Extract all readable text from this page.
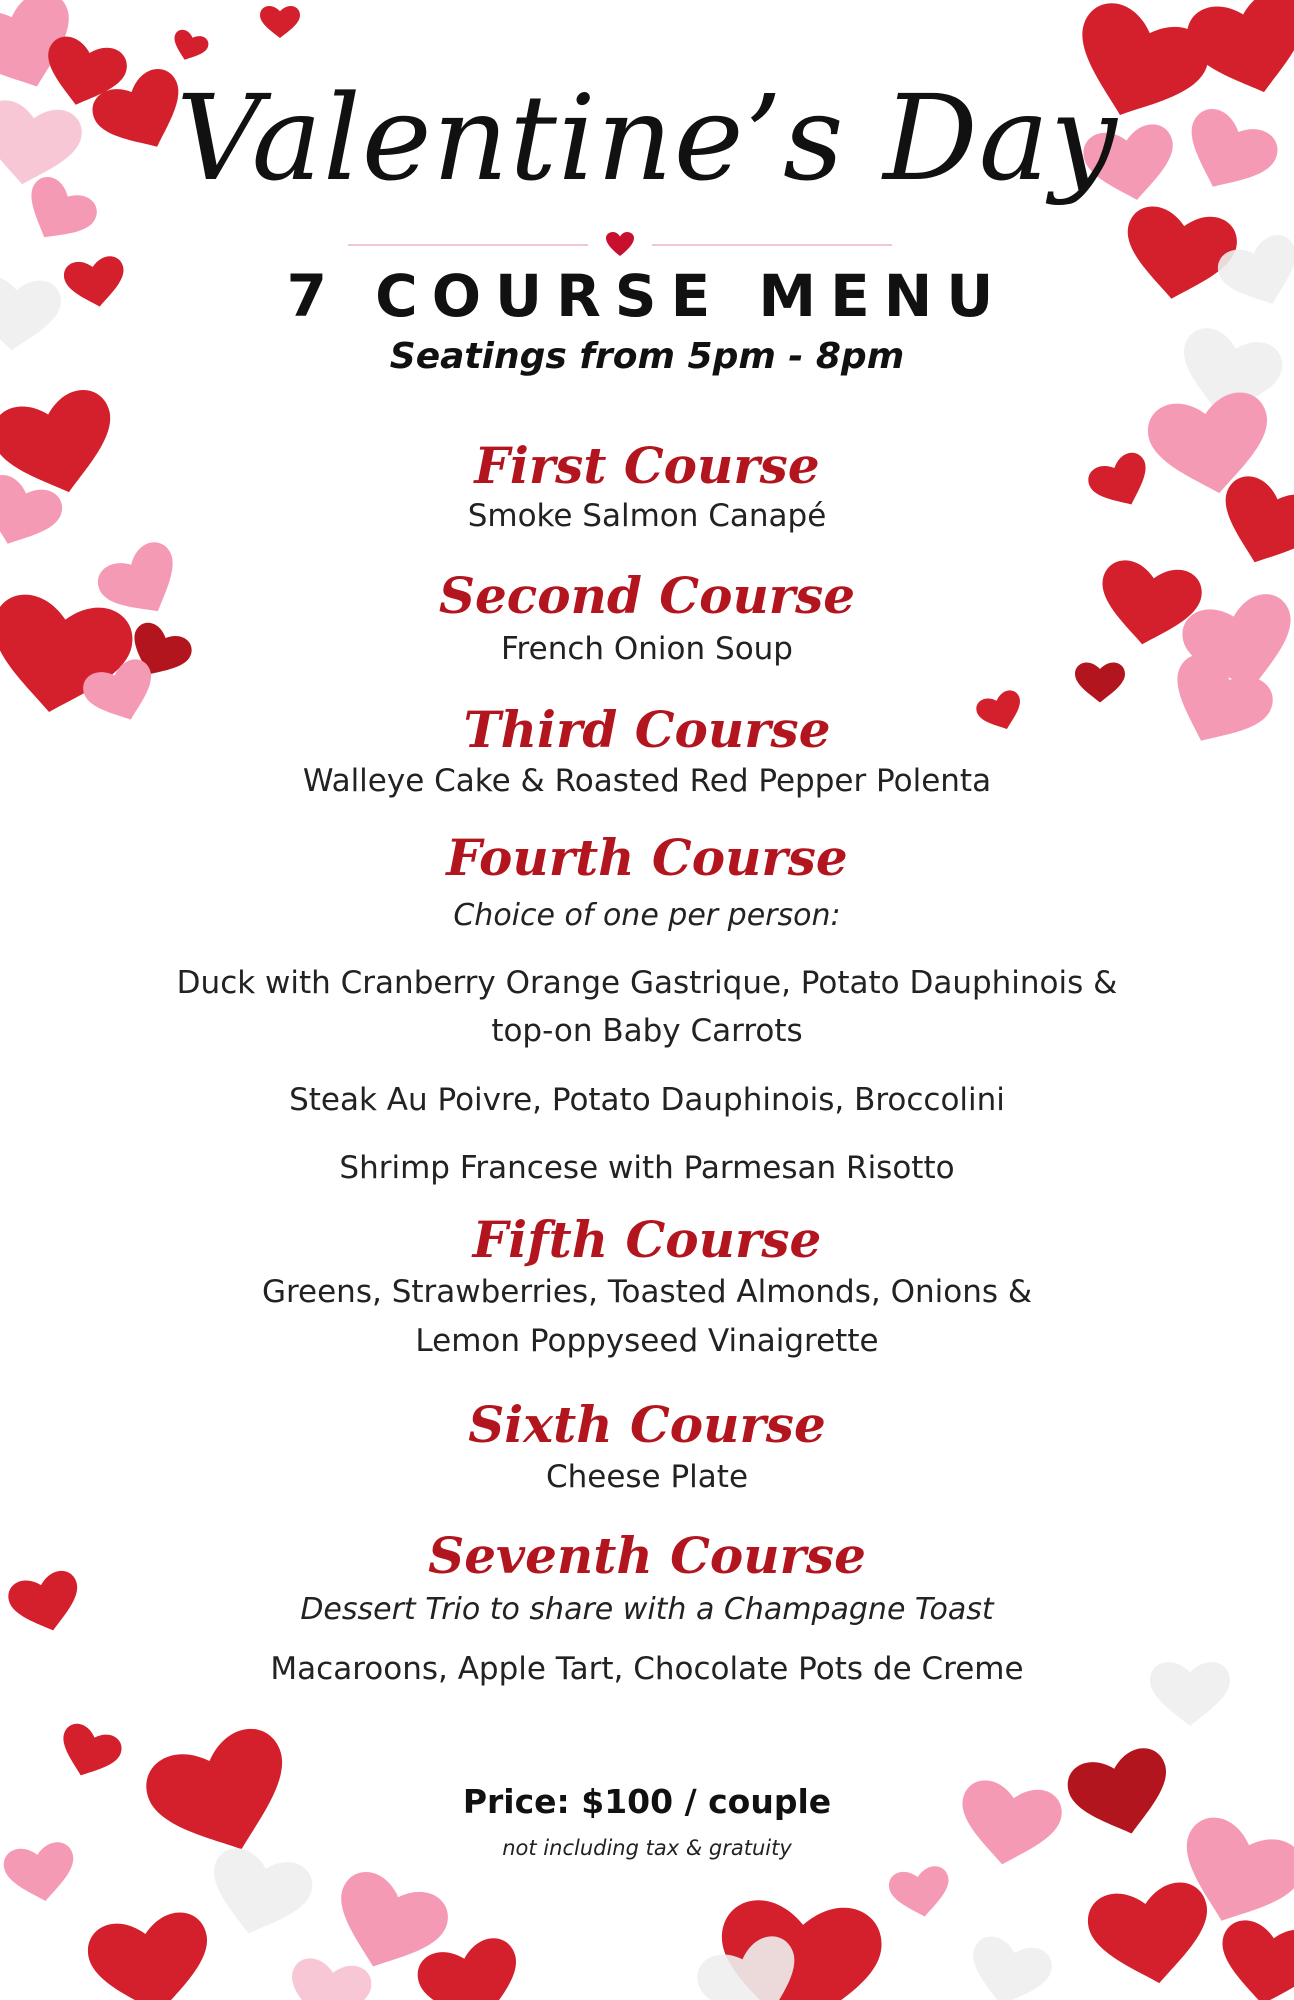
Valentine’s Day
7 COURSE MENU
Seatings from 5pm - 8pm
First Course
Smoke Salmon Canapé
Second Course
French Onion Soup
Third Course
Walleye Cake & Roasted Red Pepper Polenta
Fourth Course
Choice of one per person:
Duck with Cranberry Orange Gastrique, Potato Dauphinois &
top-on Baby Carrots
Steak Au Poivre, Potato Dauphinois, Broccolini
Shrimp Francese with Parmesan Risotto
Fifth Course
Greens, Strawberries, Toasted Almonds, Onions &
Lemon Poppyseed Vinaigrette
Sixth Course
Cheese Plate
Seventh Course
Dessert Trio to share with a Champagne Toast
Macaroons, Apple Tart, Chocolate Pots de Creme
Price: $100 / couple
not including tax & gratuity
